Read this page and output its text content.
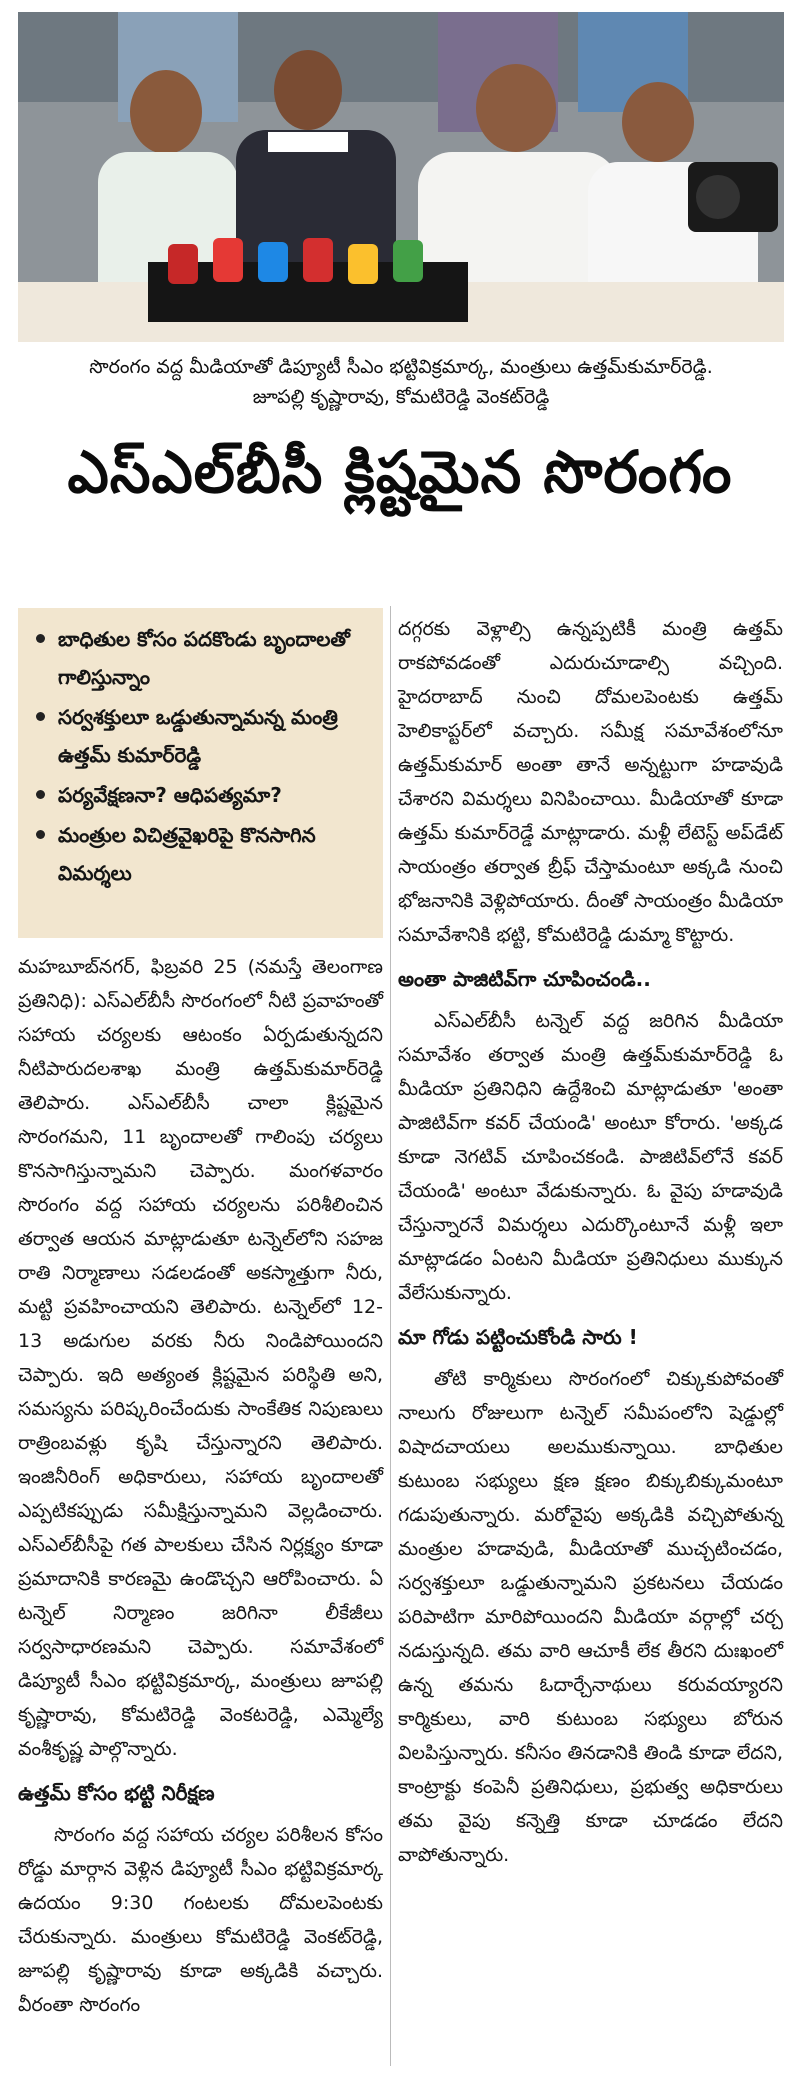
సొరంగం వద్ద మీడియాతో డిప్యూటీ సీఎం భట్టివిక్రమార్క, మంత్రులు ఉత్తమ్‌కుమార్‌రెడ్డి.
జూపల్లి కృష్ణారావు, కోమటిరెడ్డి వెంకట్‌రెడ్డి
ఎస్‌ఎల్‌బీసీ క్లిష్టమైన సొరంగం
బాధితుల కోసం పదకొండు బృందాలతో గాలిస్తున్నాం
సర్వశక్తులూ ఒడ్డుతున్నామన్న మంత్రి ఉత్తమ్ కుమార్‌రెడ్డి
పర్యవేక్షణనా? ఆధిపత్యమా?
మంత్రుల విచిత్రవైఖరిపై కొనసాగిన విమర్శలు

మహబూబ్‌నగర్, ఫిబ్రవరి 25 (నమస్తే తెలంగాణ ప్రతినిధి): ఎస్‌ఎల్‌బీసీ సొరంగంలో నీటి ప్రవాహంతో సహాయ చర్యలకు ఆటంకం ఏర్పడుతున్నదని నీటిపారుదలశాఖ మంత్రి ఉత్తమ్‌కుమార్‌రెడ్డి తెలిపారు. ఎస్‌ఎల్‌బీసీ చాలా క్లిష్టమైన సొరంగమని, 11 బృందాలతో గాలింపు చర్యలు కొనసాగిస్తున్నామని చెప్పారు. మంగళవారం సొరంగం వద్ద సహాయ చర్యలను పరిశీలించిన తర్వాత ఆయన మాట్లాడుతూ టన్నెల్‌లోని సహజ రాతి నిర్మాణాలు సడలడంతో అకస్మాత్తుగా నీరు, మట్టి ప్రవహించాయని తెలిపారు. టన్నెల్‌లో 12-13 అడుగుల వరకు నీరు నిండిపోయిందని చెప్పారు. ఇది అత్యంత క్లిష్టమైన పరిస్థితి అని, సమస్యను పరిష్కరించేందుకు సాంకేతిక నిపుణులు రాత్రింబవళ్లు కృషి చేస్తున్నారని తెలిపారు. ఇంజినీరింగ్ అధికారులు, సహాయ బృందాలతో ఎప్పటికప్పుడు సమీక్షిస్తున్నామని వెల్లడించారు. ఎస్‌ఎల్‌బీసీపై గత పాలకులు చేసిన నిర్లక్ష్యం కూడా ప్రమాదానికి కారణమై ఉండొచ్చని ఆరోపించారు. ఏ టన్నెల్ నిర్మాణం జరిగినా లీకేజీలు సర్వసాధారణమని చెప్పారు. సమావేశంలో డిప్యూటీ సీఎం భట్టివిక్రమార్క, మంత్రులు జూపల్లి కృష్ణారావు, కోమటిరెడ్డి వెంకటరెడ్డి, ఎమ్మెల్యే వంశీకృష్ణ పాల్గొన్నారు.

ఉత్తమ్ కోసం భట్టి నిరీక్షణ

సొరంగం వద్ద సహాయ చర్యల పరిశీలన కోసం రోడ్డు మార్గాన వెళ్లిన డిప్యూటీ సీఎం భట్టివిక్రమార్క ఉదయం 9:30 గంటలకు దోమలపెంటకు చేరుకున్నారు. మంత్రులు కోమటిరెడ్డి వెంకట్‌రెడ్డి, జూపల్లి కృష్ణారావు కూడా అక్కడికి వచ్చారు. వీరంతా సొరంగం

దగ్గరకు వెళ్లాల్సి ఉన్నప్పటికీ మంత్రి ఉత్తమ్ రాకపోవడంతో ఎదురుచూడాల్సి వచ్చింది. హైదరాబాద్ నుంచి దోమలపెంటకు ఉత్తమ్ హెలికాప్టర్‌లో వచ్చారు. సమీక్ష సమావేశంలోనూ ఉత్తమ్‌కుమార్ అంతా తానే అన్నట్టుగా హడావుడి చేశారని విమర్శలు వినిపించాయి. మీడియాతో కూడా ఉత్తమ్ కుమార్‌రెడ్డే మాట్లాడారు. మళ్లీ లేటెస్ట్ అప్‌డేట్ సాయంత్రం తర్వాత బ్రీఫ్ చేస్తామంటూ అక్కడి నుంచి భోజనానికి వెళ్లిపోయారు. దీంతో సాయంత్రం మీడియా సమావేశానికి భట్టి, కోమటిరెడ్డి డుమ్మా కొట్టారు.

అంతా పాజిటివ్‌గా చూపించండి..

ఎస్‌ఎల్‌బీసీ టన్నెల్ వద్ద జరిగిన మీడియా సమావేశం తర్వాత మంత్రి ఉత్తమ్‌కుమార్‌రెడ్డి ఓ మీడియా ప్రతినిధిని ఉద్దేశించి మాట్లాడుతూ 'అంతా పాజిటివ్‌గా కవర్ చేయండి' అంటూ కోరారు. 'అక్కడ కూడా నెగటివ్ చూపించకండి. పాజిటివ్‌లోనే కవర్ చేయండి' అంటూ వేడుకున్నారు. ఓ వైపు హడావుడి చేస్తున్నారనే విమర్శలు ఎదుర్కొంటూనే మళ్లీ ఇలా మాట్లాడడం ఏంటని మీడియా ప్రతినిధులు ముక్కున వేలేసుకున్నారు.

మా గోడు పట్టించుకోండి సారు !

తోటి కార్మికులు సొరంగంలో చిక్కుకుపోవంతో నాలుగు రోజులుగా టన్నెల్ సమీపంలోని షెడ్డుల్లో విషాదచాయలు అలముకున్నాయి. బాధితుల కుటుంబ సభ్యులు క్షణ క్షణం బిక్కుబిక్కుమంటూ గడుపుతున్నారు. మరోవైపు అక్కడికి వచ్చిపోతున్న మంత్రుల హడావుడి, మీడియాతో ముచ్చటించడం, సర్వశక్తులూ ఒడ్డుతున్నామని ప్రకటనలు చేయడం పరిపాటిగా మారిపోయిందని మీడియా వర్గాల్లో చర్చ నడుస్తున్నది. తమ వారి ఆచూకీ లేక తీరని దుఃఖంలో ఉన్న తమను ఓదార్చేనాథులు కరువయ్యారని కార్మికులు, వారి కుటుంబ సభ్యులు బోరున విలపిస్తున్నారు. కనీసం తినడానికి తిండి కూడా లేదని, కాంట్రాక్టు కంపెనీ ప్రతినిధులు, ప్రభుత్వ అధికారులు తమ వైపు కన్నెత్తి కూడా చూడడం లేదని వాపోతున్నారు.
